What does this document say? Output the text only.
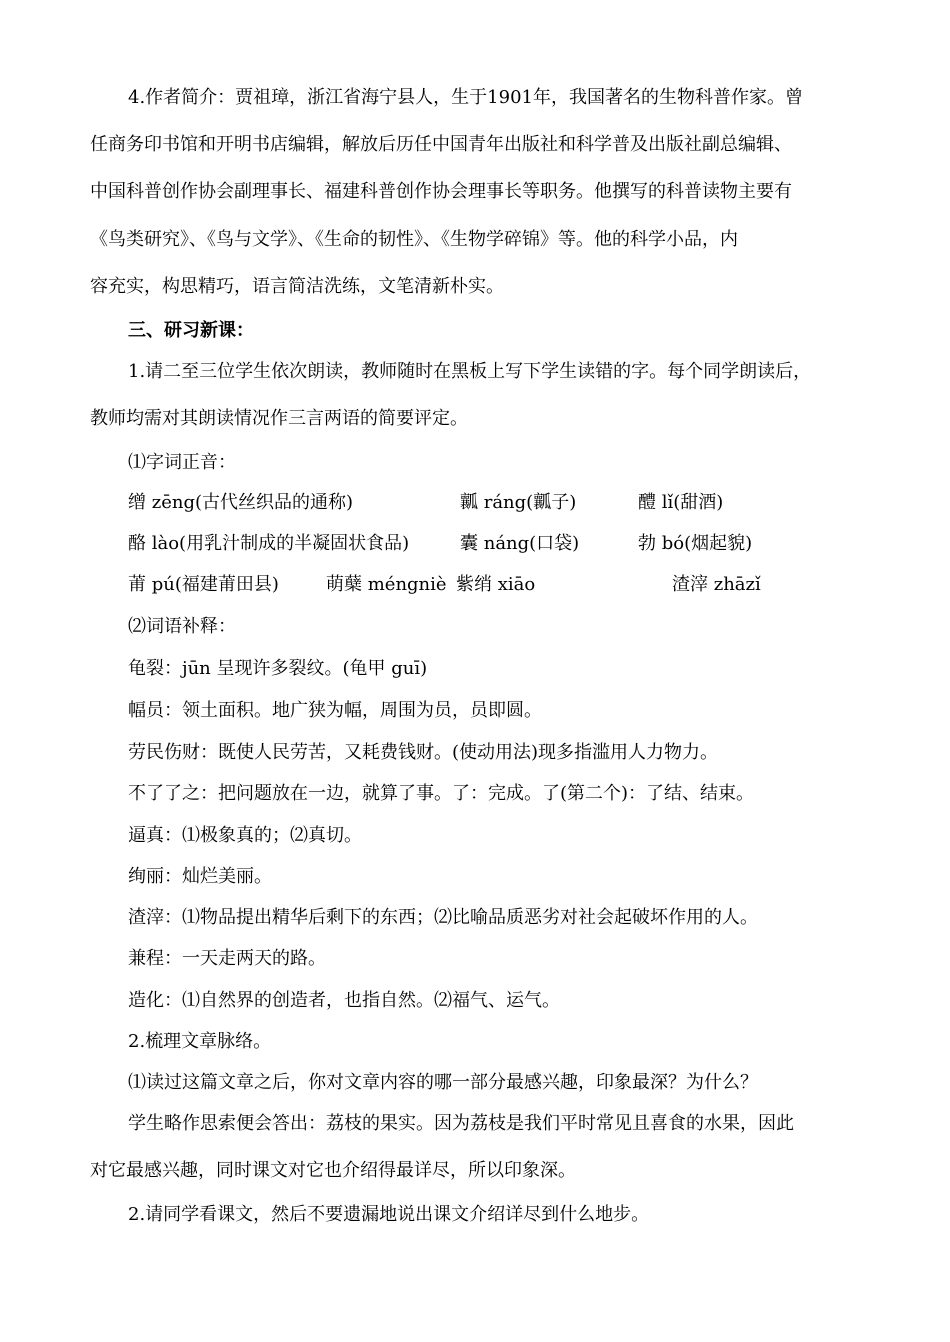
4.作者简介：贾祖璋，浙江省海宁县人，生于1901年，我国著名的生物科普作家。曾
任商务印书馆和开明书店编辑，解放后历任中国青年出版社和科学普及出版社副总编辑、
中国科普创作协会副理事长、福建科普创作协会理事长等职务。他撰写的科普读物主要有
《鸟类研究》、《鸟与文学》、《生命的韧性》、《生物学碎锦》等。他的科学小品，内
容充实，构思精巧，语言简洁洗练，文笔清新朴实。
三、研习新课：
1.请二至三位学生依次朗读，教师随时在黑板上写下学生读错的字。每个同学朗读后，
教师均需对其朗读情况作三言两语的简要评定。
⑴字词正音：
缯 zēng(古代丝织品的通称)	瓤 ráng(瓤子)	醴 lǐ(甜酒)
酪 lào(用乳汁制成的半凝固状食品)	囊 náng(口袋)	勃 bó(烟起貌)
莆 pú(福建莆田县)	萌蘖 méngniè 紫绡 xiāo	渣滓 zhāzǐ
⑵词语补释：
龟裂：jūn 呈现许多裂纹。(龟甲 guī)
幅员：领土面积。地广狭为幅，周围为员，员即圆。
劳民伤财：既使人民劳苦，又耗费钱财。(使动用法)现多指滥用人力物力。
不了了之：把问题放在一边，就算了事。了：完成。了(第二个)：了结、结束。
逼真：⑴极象真的；⑵真切。
绚丽：灿烂美丽。
渣滓：⑴物品提出精华后剩下的东西；⑵比喻品质恶劣对社会起破坏作用的人。
兼程：一天走两天的路。
造化：⑴自然界的创造者，也指自然。⑵福气、运气。
2.梳理文章脉络。
⑴读过这篇文章之后，你对文章内容的哪一部分最感兴趣，印象最深？为什么？
学生略作思索便会答出：荔枝的果实。因为荔枝是我们平时常见且喜食的水果，因此
对它最感兴趣，同时课文对它也介绍得最详尽，所以印象深。
2.请同学看课文，然后不要遗漏地说出课文介绍详尽到什么地步。
